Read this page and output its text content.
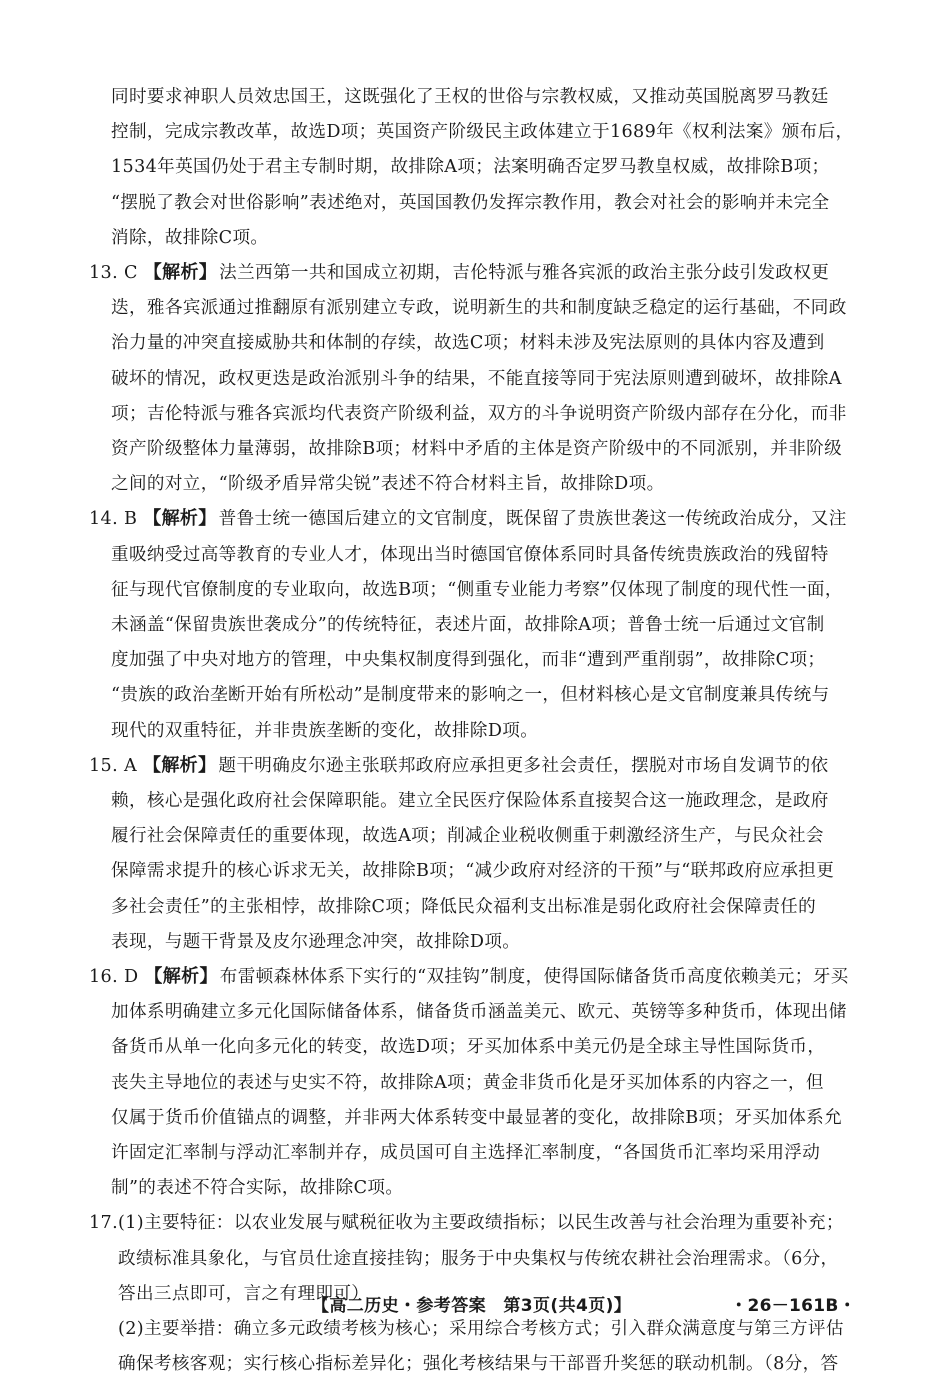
同时要求神职人员效忠国王，这既强化了王权的世俗与宗教权威，又推动英国脱离罗马教廷
控制，完成宗教改革，故选D项；英国资产阶级民主政体建立于1689年《权利法案》颁布后，
1534年英国仍处于君主专制时期，故排除A项；法案明确否定罗马教皇权威，故排除B项；
“摆脱了教会对世俗影响”表述绝对，英国国教仍发挥宗教作用，教会对社会的影响并未完全
消除，故排除C项。
13. C 【解析】 法兰西第一共和国成立初期，吉伦特派与雅各宾派的政治主张分歧引发政权更
迭，雅各宾派通过推翻原有派别建立专政，说明新生的共和制度缺乏稳定的运行基础，不同政
治力量的冲突直接威胁共和体制的存续，故选C项；材料未涉及宪法原则的具体内容及遭到
破坏的情况，政权更迭是政治派别斗争的结果，不能直接等同于宪法原则遭到破坏，故排除A
项；吉伦特派与雅各宾派均代表资产阶级利益，双方的斗争说明资产阶级内部存在分化，而非
资产阶级整体力量薄弱，故排除B项；材料中矛盾的主体是资产阶级中的不同派别，并非阶级
之间的对立，“阶级矛盾异常尖锐”表述不符合材料主旨，故排除D项。
14. B 【解析】 普鲁士统一德国后建立的文官制度，既保留了贵族世袭这一传统政治成分，又注
重吸纳受过高等教育的专业人才，体现出当时德国官僚体系同时具备传统贵族政治的残留特
征与现代官僚制度的专业取向，故选B项；“侧重专业能力考察”仅体现了制度的现代性一面，
未涵盖“保留贵族世袭成分”的传统特征，表述片面，故排除A项；普鲁士统一后通过文官制
度加强了中央对地方的管理，中央集权制度得到强化，而非“遭到严重削弱”，故排除C项；
“贵族的政治垄断开始有所松动”是制度带来的影响之一，但材料核心是文官制度兼具传统与
现代的双重特征，并非贵族垄断的变化，故排除D项。
15. A 【解析】 题干明确皮尔逊主张联邦政府应承担更多社会责任，摆脱对市场自发调节的依
赖，核心是强化政府社会保障职能。建立全民医疗保险体系直接契合这一施政理念，是政府
履行社会保障责任的重要体现，故选A项；削减企业税收侧重于刺激经济生产，与民众社会
保障需求提升的核心诉求无关，故排除B项；“减少政府对经济的干预”与“联邦政府应承担更
多社会责任”的主张相悖，故排除C项；降低民众福利支出标准是弱化政府社会保障责任的
表现，与题干背景及皮尔逊理念冲突，故排除D项。
16. D 【解析】 布雷顿森林体系下实行的“双挂钩”制度，使得国际储备货币高度依赖美元；牙买
加体系明确建立多元化国际储备体系，储备货币涵盖美元、欧元、英镑等多种货币，体现出储
备货币从单一化向多元化的转变，故选D项；牙买加体系中美元仍是全球主导性国际货币，
丧失主导地位的表述与史实不符，故排除A项；黄金非货币化是牙买加体系的内容之一，但
仅属于货币价值锚点的调整，并非两大体系转变中最显著的变化，故排除B项；牙买加体系允
许固定汇率制与浮动汇率制并存，成员国可自主选择汇率制度，“各国货币汇率均采用浮动
制”的表述不符合实际，故排除C项。
【高二历史・参考答案　第3页(共4页)】	・26－161B・
17.(1)主要特征：以农业发展与赋税征收为主要政绩指标；以民生改善与社会治理为重要补充；
政绩标准具象化，与官员仕途直接挂钩；服务于中央集权与传统农耕社会治理需求。（6分，
答出三点即可，言之有理即可）
(2)主要举措：确立多元政绩考核为核心；采用综合考核方式；引入群众满意度与第三方评估
确保考核客观；实行核心指标差异化；强化考核结果与干部晋升奖惩的联动机制。（8分，答
